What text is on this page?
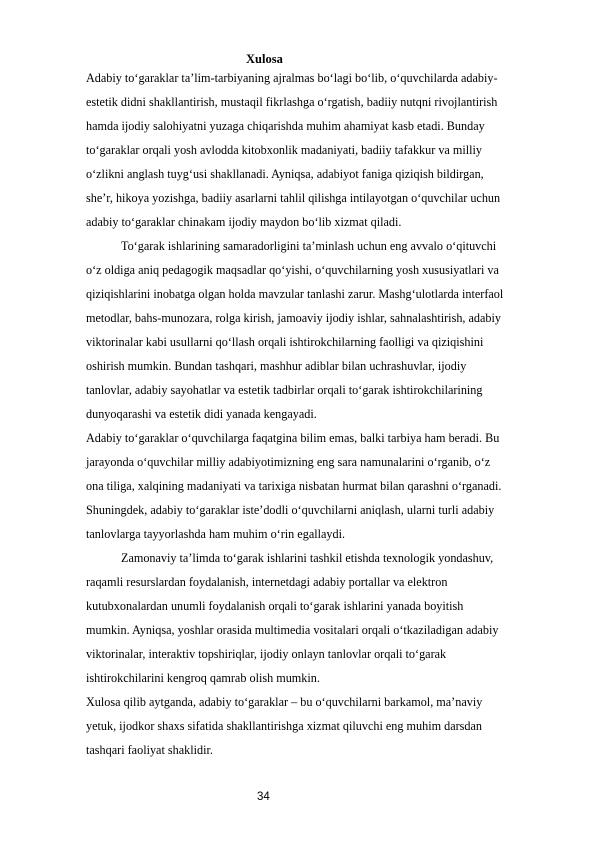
Xulosa
Adabiy to‘garaklar ta’lim-tarbiyaning ajralmas bo‘lagi bo‘lib, o‘quvchilarda adabiy-
estetik didni shakllantirish, mustaqil fikrlashga o‘rgatish, badiiy nutqni rivojlantirish
hamda ijodiy salohiyatni yuzaga chiqarishda muhim ahamiyat kasb etadi. Bunday
to‘garaklar orqali yosh avlodda kitobxonlik madaniyati, badiiy tafakkur va milliy
o‘zlikni anglash tuyg‘usi shakllanadi. Ayniqsa, adabiyot faniga qiziqish bildirgan,
she’r, hikoya yozishga, badiiy asarlarni tahlil qilishga intilayotgan o‘quvchilar uchun
adabiy to‘garaklar chinakam ijodiy maydon bo‘lib xizmat qiladi.
To‘garak ishlarining samaradorligini ta’minlash uchun eng avvalo o‘qituvchi
o‘z oldiga aniq pedagogik maqsadlar qo‘yishi, o‘quvchilarning yosh xususiyatlari va
qiziqishlarini inobatga olgan holda mavzular tanlashi zarur. Mashg‘ulotlarda interfaol
metodlar, bahs-munozara, rolga kirish, jamoaviy ijodiy ishlar, sahnalashtirish, adabiy
viktorinalar kabi usullarni qo‘llash orqali ishtirokchilarning faolligi va qiziqishini
oshirish mumkin. Bundan tashqari, mashhur adiblar bilan uchrashuvlar, ijodiy
tanlovlar, adabiy sayohatlar va estetik tadbirlar orqali to‘garak ishtirokchilarining
dunyoqarashi va estetik didi yanada kengayadi.
Adabiy to‘garaklar o‘quvchilarga faqatgina bilim emas, balki tarbiya ham beradi. Bu
jarayonda o‘quvchilar milliy adabiyotimizning eng sara namunalarini o‘rganib, o‘z
ona tiliga, xalqining madaniyati va tarixiga nisbatan hurmat bilan qarashni o‘rganadi.
Shuningdek, adabiy to‘garaklar iste’dodli o‘quvchilarni aniqlash, ularni turli adabiy
tanlovlarga tayyorlashda ham muhim o‘rin egallaydi.
Zamonaviy ta’limda to‘garak ishlarini tashkil etishda texnologik yondashuv,
raqamli resurslardan foydalanish, internetdagi adabiy portallar va elektron
kutubxonalardan unumli foydalanish orqali to‘garak ishlarini yanada boyitish
mumkin. Ayniqsa, yoshlar orasida multimedia vositalari orqali o‘tkaziladigan adabiy
viktorinalar, interaktiv topshiriqlar, ijodiy onlayn tanlovlar orqali to‘garak
ishtirokchilarini kengroq qamrab olish mumkin.
Xulosa qilib aytganda, adabiy to‘garaklar – bu o‘quvchilarni barkamol, ma’naviy
yetuk, ijodkor shaxs sifatida shakllantirishga xizmat qiluvchi eng muhim darsdan
tashqari faoliyat shaklidir.
34
